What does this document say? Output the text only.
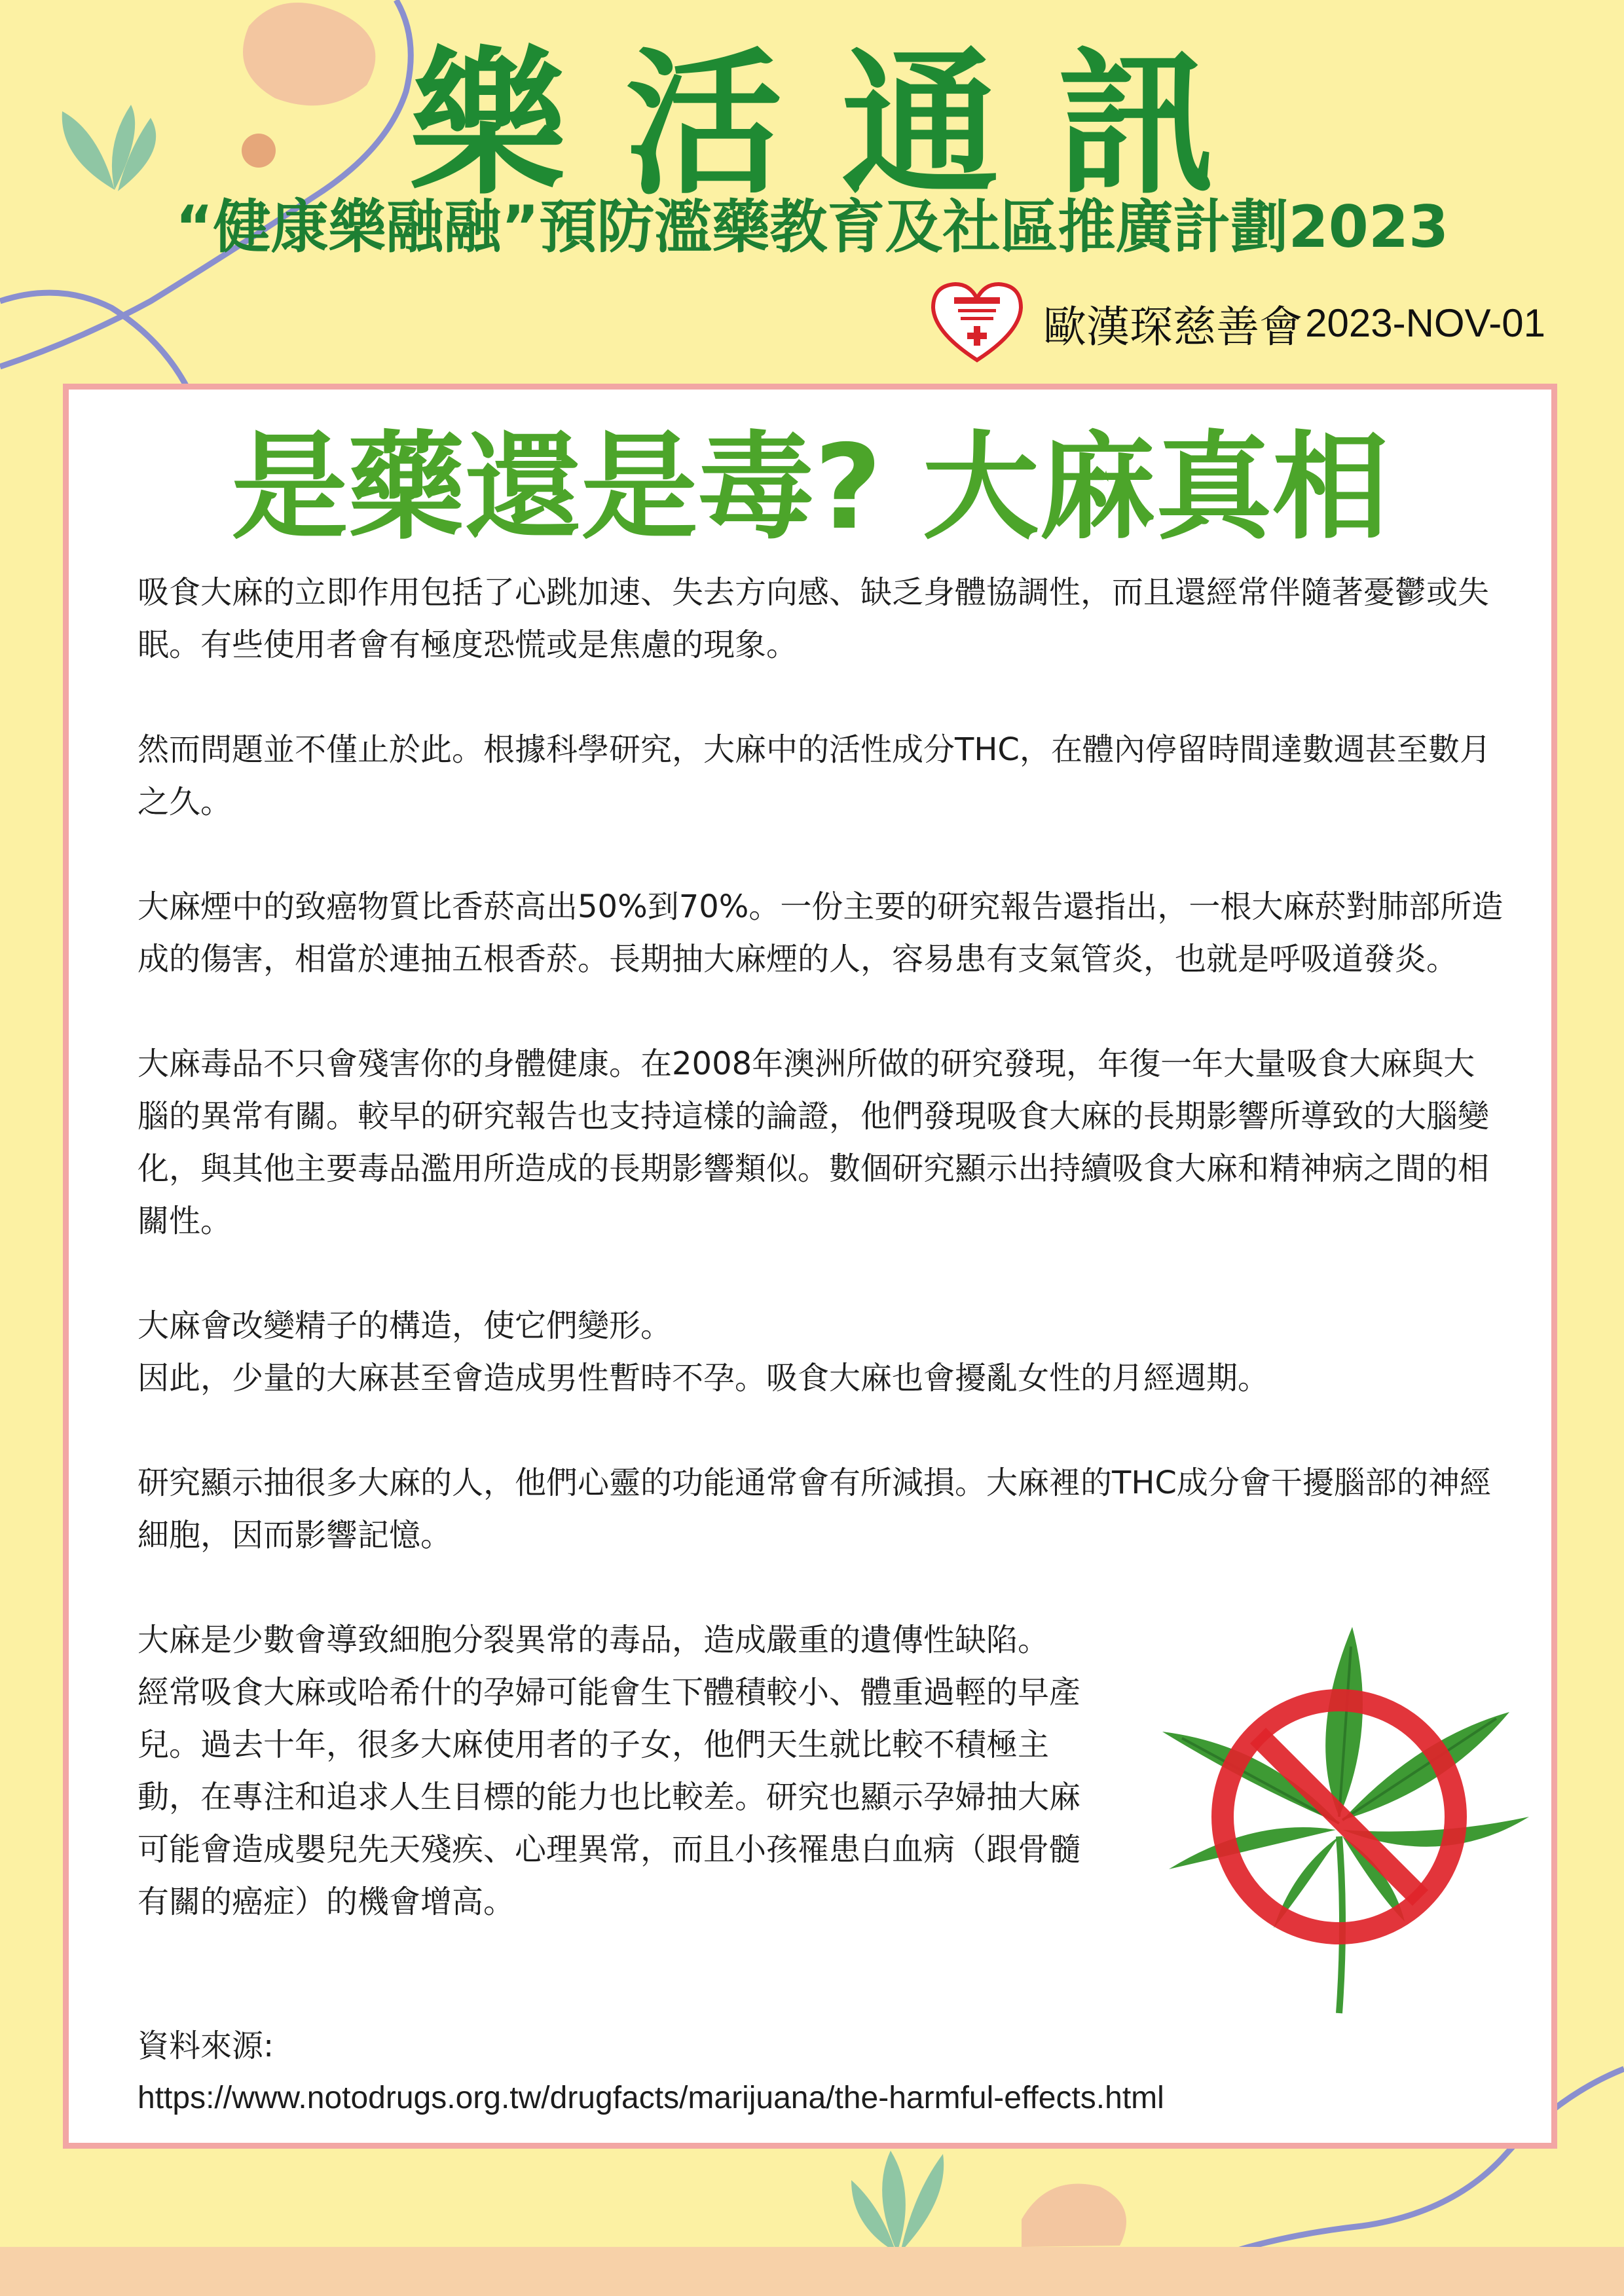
樂活通訊
“健康樂融融”預防濫藥教育及社區推廣計劃2023
歐漢琛慈善會 2023-NOV-01
是藥還是毒? 大麻真相

吸食大麻的立即作用包括了心跳加速、失去方向感、缺乏身體協調性，而且還經常伴隨著憂鬱或失眠。有些使用者會有極度恐慌或是焦慮的現象。

然而問題並不僅止於此。根據科學研究，大麻中的活性成分THC，在體內停留時間達數週甚至數月之久。

大麻煙中的致癌物質比香菸高出50%到70%。一份主要的研究報告還指出，一根大麻菸對肺部所造成的傷害，相當於連抽五根香菸。長期抽大麻煙的人，容易患有支氣管炎，也就是呼吸道發炎。

大麻毒品不只會殘害你的身體健康。在2008年澳洲所做的研究發現，年復一年大量吸食大麻與大腦的異常有關。較早的研究報告也支持這樣的論證，他們發現吸食大麻的長期影響所導致的大腦變化，與其他主要毒品濫用所造成的長期影響類似。數個研究顯示出持續吸食大麻和精神病之間的相關性。

大麻會改變精子的構造，使它們變形。
因此，少量的大麻甚至會造成男性暫時不孕。吸食大麻也會擾亂女性的月經週期。

研究顯示抽很多大麻的人，他們心靈的功能通常會有所減損。大麻裡的THC成分會干擾腦部的神經細胞，因而影響記憶。

大麻是少數會導致細胞分裂異常的毒品，造成嚴重的遺傳性缺陷。
經常吸食大麻或哈希什的孕婦可能會生下體積較小、體重過輕的早產兒。過去十年，很多大麻使用者的子女，他們天生就比較不積極主動，在專注和追求人生目標的能力也比較差。研究也顯示孕婦抽大麻可能會造成嬰兒先天殘疾、心理異常，而且小孩罹患白血病（跟骨髓有關的癌症）的機會增高。

資料來源:
https://www.notodrugs.org.tw/drugfacts/marijuana/the-harmful-effects.html
